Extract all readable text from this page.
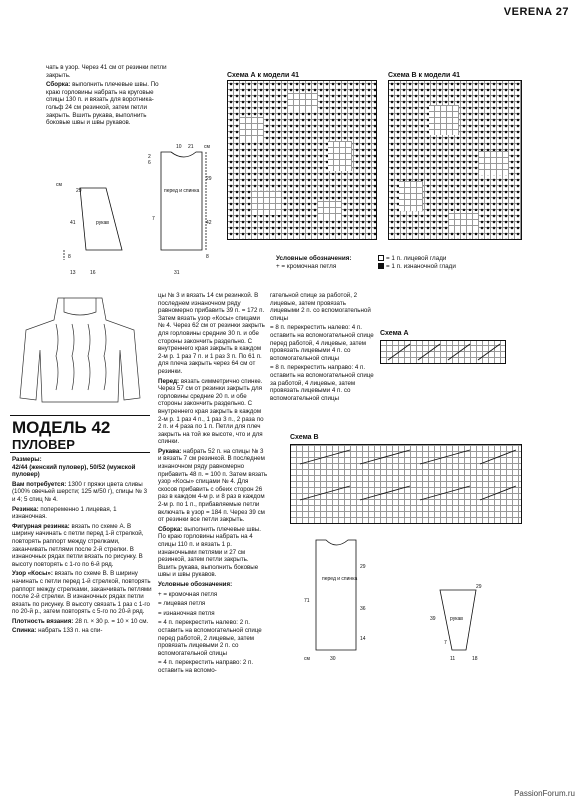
VERENA 27

чать в узор. Через 41 см от резинки петли закрыть.

Сборка: выполнить плечевые швы. По краю горловины набрать на круговые спицы 130 п. и вязать для воротника-гольф 24 см резинкой, затем петли закрыть. Вшить рукава, выполнить боковые швы и швы рукавов.

рукав
перед и спинка
см
10 21 см
2
6
29
13	16	31
41	42
8	8
29
7
Схема А к модели 41	Схема В к модели 41
Условные обозначения:
+ = кромочная петля
= 1 п. лицевой глади
= 1 п. изнаночной глади
МОДЕЛЬ 42
ПУЛОВЕР

Размеры:
42/44 (женский пуловер), 50/52 (мужской пуловер)

Вам потребуется: 1300 г пряжи цвета сливы (100% овечьей шерсти; 125 м/50 г), спицы № 3 и 4; 5 спиц № 4.

Резинка: попеременно 1 лицевая, 1 изнаночная.

Фигурная резинка: вязать по схеме А. В ширину начинать с петли перед 1-й стрелкой, повторять раппорт между стрелками, заканчивать петлями после 2-й стрелки. В изнаночных рядах петли вязать по рисунку. В высоту повторять с 1-го по 6-й ряд.

Узор «Косы»: вязать по схеме В. В ширину начинать с петли перед 1-й стрелкой, повторять раппорт между стрелками, заканчивать петлями после 2-й стрелки. В изнаночных рядах петли вязать по рисунку. В высоту связать 1 раз с 1-го по 20-й р., затем повторять с 5-го по 20-й ряд.

Плотность вязания: 28 п. × 30 р. = 10 × 10 см.

Спинка: набрать 133 п. на спи-

цы № 3 и вязать 14 см резинкой. В последнем изнаночном ряду равномерно прибавить 39 п. = 172 п. Затем вязать узор «Косы» спицами № 4. Через 62 см от резинки закрыть для горловины средние 30 п. и обе стороны закончить раздельно. С внутреннего края закрыть в каждом 2-м р. 1 раз 7 п. и 1 раз 3 п. По 61 п. для плеча закрыть через 64 см от резинки.

Перед: вязать симметрично спинке. Через 57 см от резинки закрыть для горловины средние 20 п. и обе стороны закончить раздельно. С внутреннего края закрыть в каждом 2-м р. 1 раз 4 п., 1 раз 3 п., 2 раза по 2 п. и 4 раза по 1 п. Петли для плеч закрыть на той же высоте, что и для спинки.

Рукава: набрать 52 п. на спицы № 3 и вязать 7 см резинкой. В последнем изнаночном ряду равномерно прибавить 48 п. = 100 п. Затем вязать узор «Косы» спицами № 4. Для скосов прибавить с обеих сторон 26 раз в каждом 4-м р. и 8 раз в каждом 2-м р. по 1 п., прибавляемые петли включать в узор = 184 п. Через 39 см от резинки все петли закрыть.

Сборка: выполнить плечевые швы. По краю горловины набрать на 4 спицы 110 п. и вязать 1 р. изнаночными петлями и 27 см резинкой, затем петли закрыть. Вшить рукава, выполнить боковые швы и швы рукавов.

Условные обозначения:

+ = кромочная петля

= лицевая петля

= изнаночная петля

= 4 п. перекрестить налево: 2 п. оставить на вспомогательной спице перед работой, 2 лицевые, затем провязать лицевыми 2 п. со вспомогательной спицы

= 4 п. перекрестить направо: 2 п. оставить на вспомо-

гательной спице за работой, 2 лицевые, затем провязать лицевыми 2 п. со вспомогательной спицы

= 8 п. перекрестить налево: 4 п. оставить на вспомогательной спице перед работой, 4 лицевые, затем провязать лицевыми 4 п. со вспомогательной спицы

= 8 п. перекрестить направо: 4 п. оставить на вспомогательной спице за работой, 4 лицевые, затем провязать лицевыми 4 п. со вспомогательной спицы

Схема А
Схема В
перед и спинка
рукав
29
71
36
14
30
см
29
39
11	18
7
PassionForum.ru
